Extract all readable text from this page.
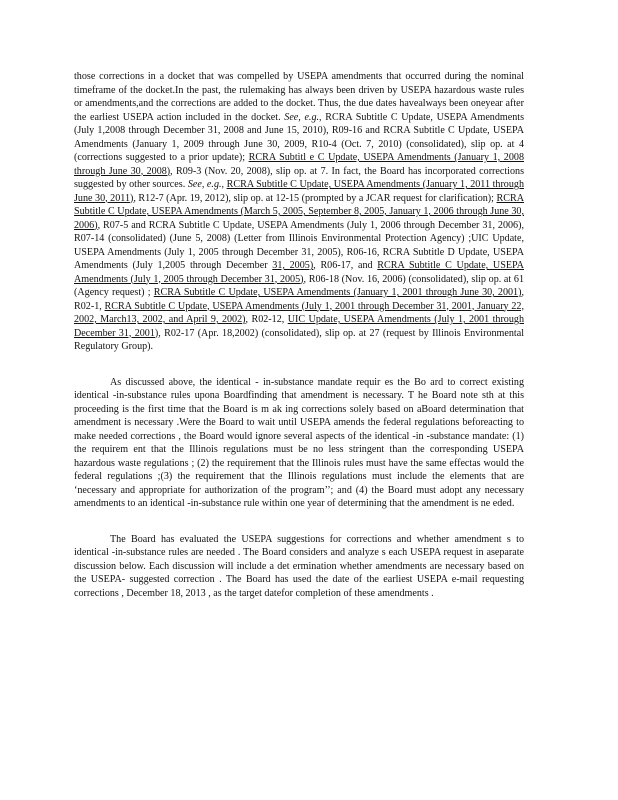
those corrections in a docket that was compelled by USEPA amendments that occurred during the nominal timeframe of the docket.In the past, the rulemaking has always been driven by USEPA hazardous waste rules or amendments,and the corrections are added to the docket. Thus, the due dates havealways been oneyear after the earliest USEPA action included in the docket. See, e.g., RCRA Subtitle C Update, USEPA Amendments (July 1,2008 through December 31, 2008 and June 15, 2010), R09-16 and RCRA Subtitle C Update, USEPA Amendments (January 1, 2009 through June 30, 2009, R10-4 (Oct. 7, 2010) (consolidated), slip op. at 4 (corrections suggested to a prior update); RCRA Subtitl e C Update, USEPA Amendments (January 1, 2008 through June 30, 2008), R09-3 (Nov. 20, 2008), slip op. at 7. In fact, the Board has incorporated corrections suggested by other sources. See, e.g., RCRA Subtitle C Update, USEPA Amendments (January 1, 2011 through June 30, 2011), R12-7 (Apr. 19, 2012), slip op. at 12-15 (prompted by a JCAR request for clarification); RCRA Subtitle C Update, USEPA Amendments (March 5, 2005, September 8, 2005, January 1, 2006 through June 30, 2006), R07-5 and RCRA Subtitle C Update, USEPA Amendments (July 1, 2006 through December 31, 2006), R07-14 (consolidated) (June 5, 2008) (Letter from Illinois Environmental Protection Agency) ;UIC Update, USEPA Amendments (July 1, 2005 through December 31, 2005), R06-16, RCRA Subtitle D Update, USEPA Amendments (July 1,2005 through December 31, 2005), R06-17, and RCRA Subtitle C Update, USEPA Amendments (July 1, 2005 through December 31, 2005), R06-18 (Nov. 16, 2006) (consolidated), slip op. at 61 (Agency request) ; RCRA Subtitle C Update, USEPA Amendments (January 1, 2001 through June 30, 2001), R02-1, RCRA Subtitle C Update, USEPA Amendments (July 1, 2001 through December 31, 2001, January 22, 2002, March13, 2002, and April 9, 2002), R02-12, UIC Update, USEPA Amendments (July 1, 2001 through December 31, 2001), R02-17 (Apr. 18,2002) (consolidated), slip op. at 27 (request by Illinois Environmental Regulatory Group).

As discussed above, the identical - in-substance mandate requir es the Bo ard to correct existing identical -in-substance rules upona Boardfinding that amendment is necessary. T he Board note sth at this proceeding is the first time that the Board is m ak ing corrections solely based on aBoard determination that amendment is necessary .Were the Board to wait until USEPA amends the federal regulations beforeacting to make needed corrections , the Board would ignore several aspects of the identical -in -substance mandate: (1) the requirem ent that the Illinois regulations must be no less stringent than the corresponding USEPA hazardous waste regulations ; (2) the requirement that the Illinois rules must have the same effectas would the federal regulations ;(3) the requirement that the Illinois regulations must include the elements that are ‘necessary and appropriate for authorization of the program’’; and (4) the Board must adopt any necessary amendments to an identical -in-substance rule within one year of determining that the amendment is ne eded.

The Board has evaluated the USEPA suggestions for corrections and whether amendment s to identical -in-substance rules are needed . The Board considers and analyze s each USEPA request in aseparate discussion below. Each discussion will include a det ermination whether amendments are necessary based on the USEPA- suggested correction . The Board has used the date of the earliest USEPA e-mail requesting corrections , December 18, 2013 , as the target datefor completion of these amendments .
